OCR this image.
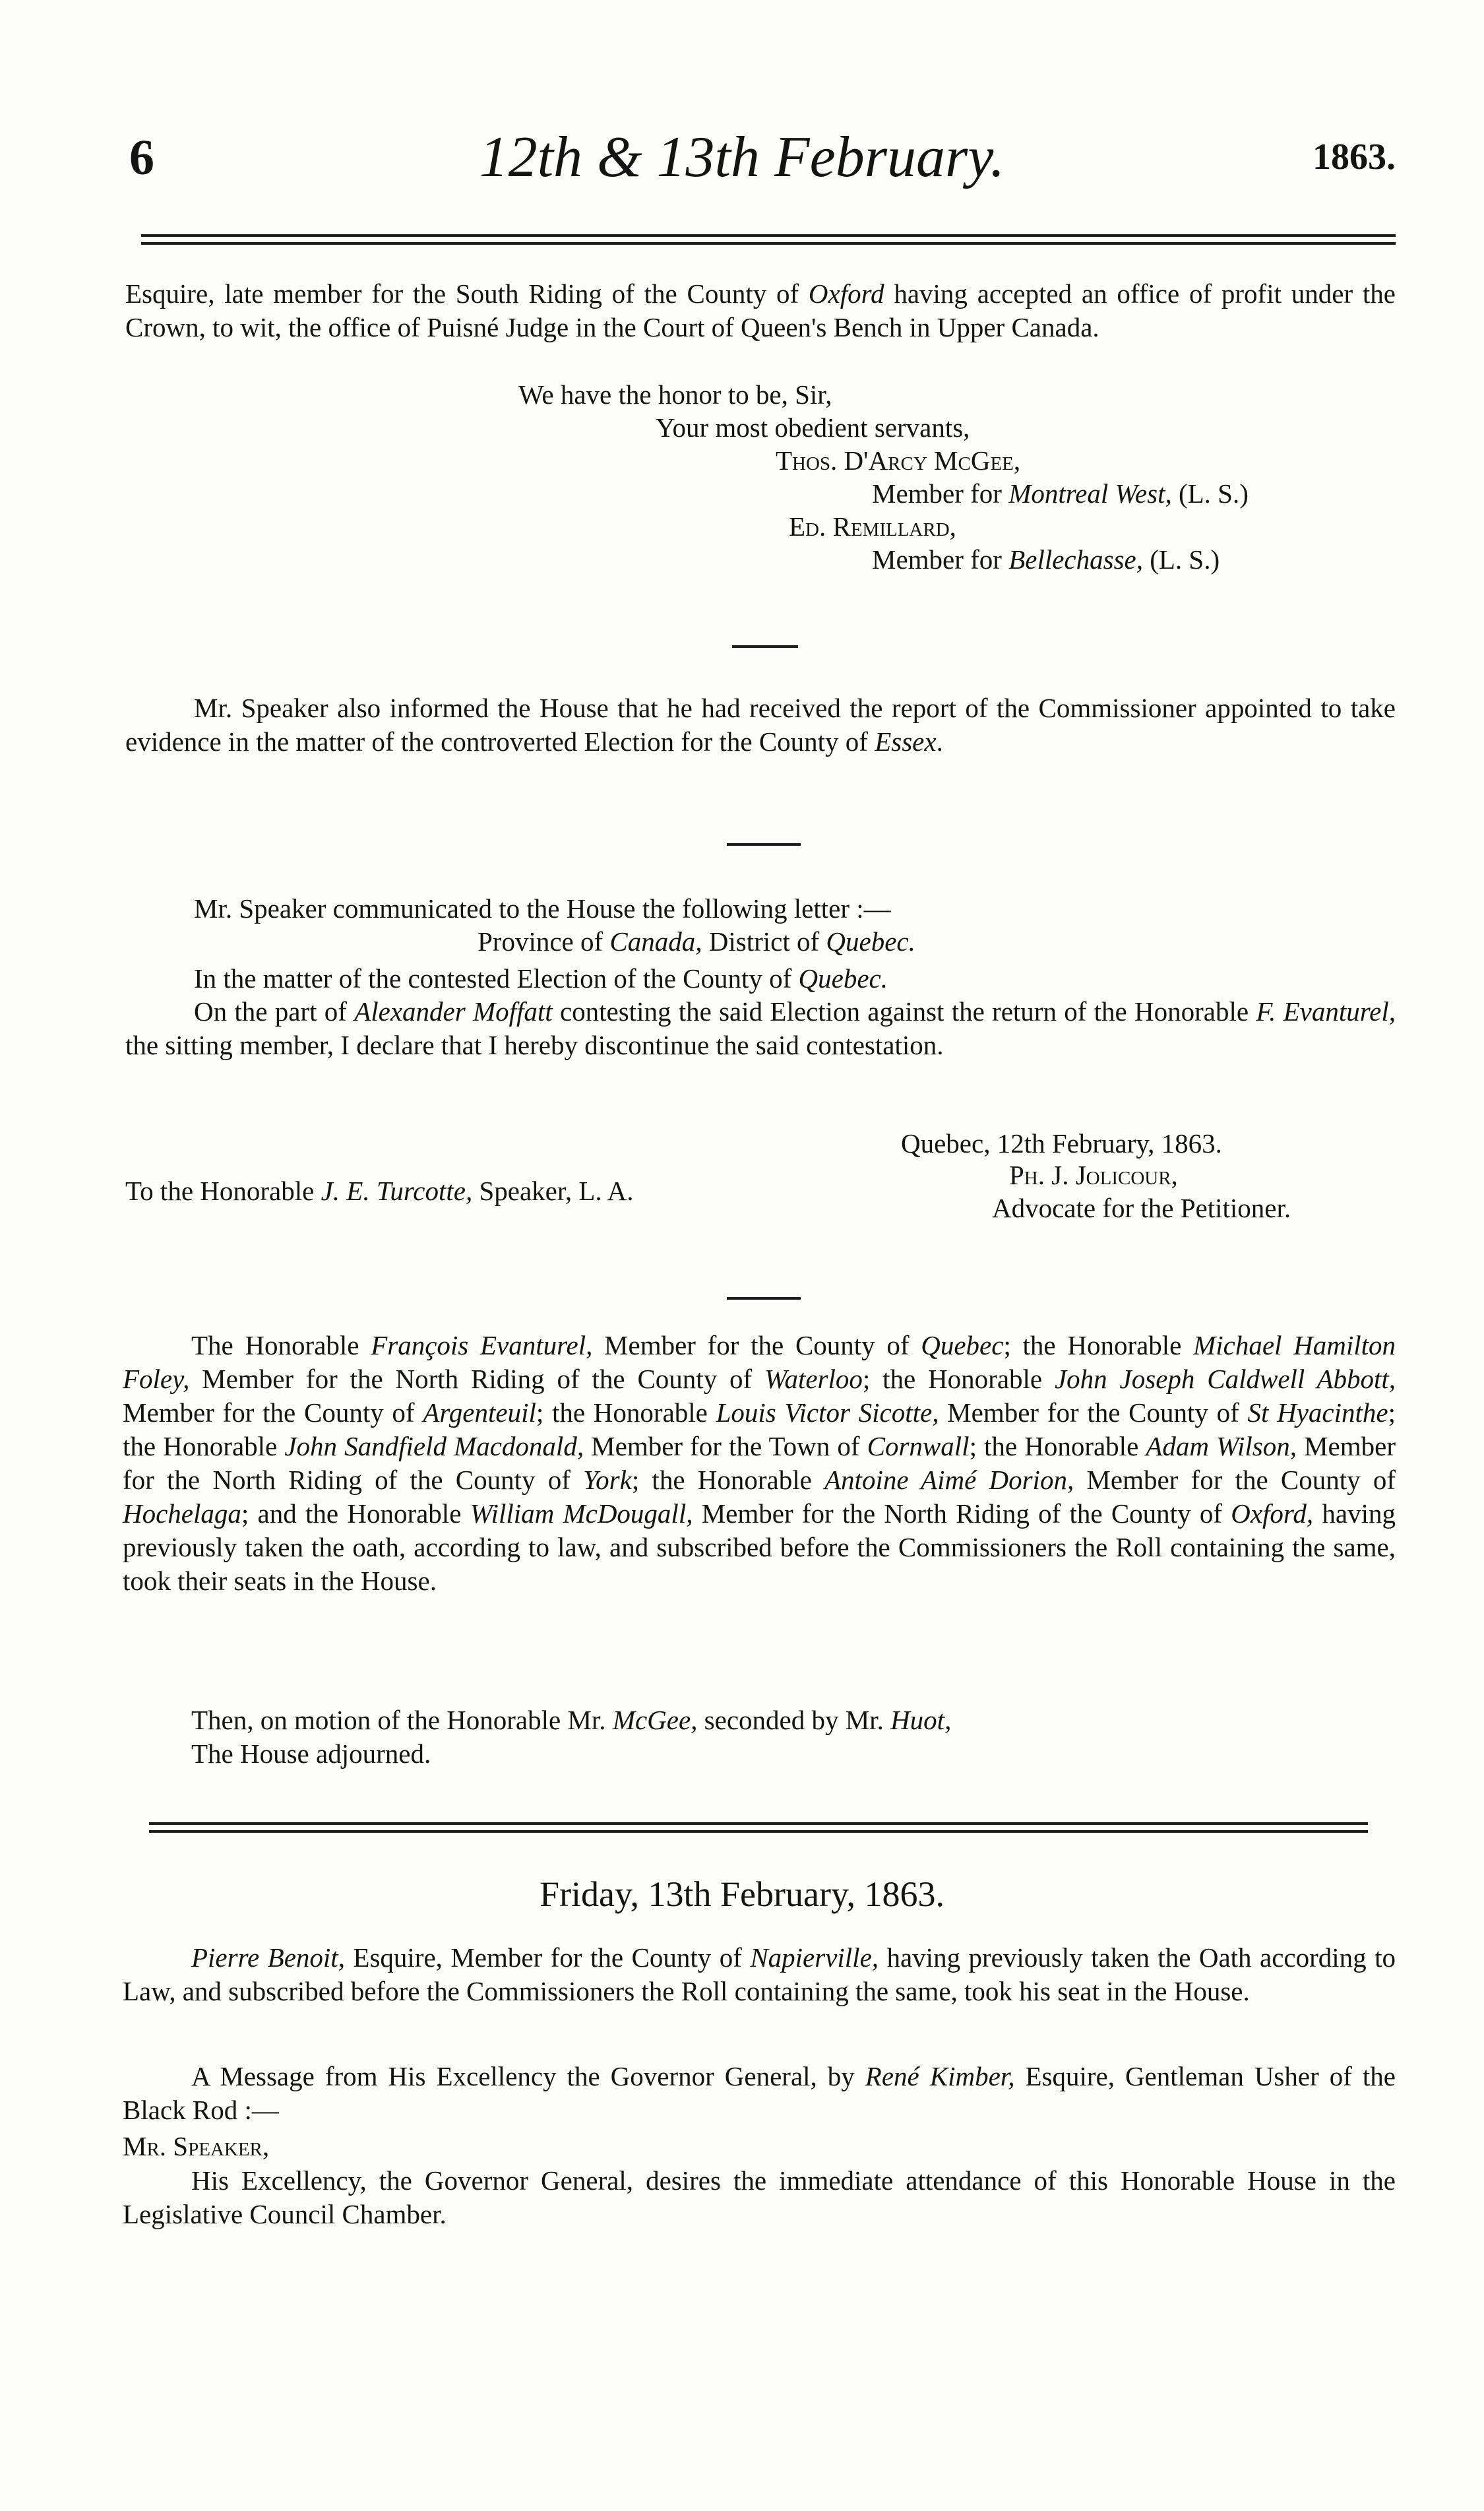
6	12th & 13th February.	1863.
Esquire, late member for the South Riding of the County of Oxford having accepted an office of profit under the Crown, to wit, the office of Puisné Judge in the Court of Queen's Bench in Upper Canada.
We have the honor to be, Sir,
Your most obedient servants,
Thos. D'Arcy McGee,
Member for Montreal West, (L. S.)
Ed. Remillard,
Member for Bellechasse, (L. S.)
Mr. Speaker also informed the House that he had received the report of the Commissioner appointed to take evidence in the matter of the controverted Election for the County of Essex.
Mr. Speaker communicated to the House the following letter :—
Province of Canada, District of Quebec.
In the matter of the contested Election of the County of Quebec.
On the part of Alexander Moffatt contesting the said Election against the return of the Honorable F. Evanturel, the sitting member, I declare that I hereby discontinue the said contestation.
Quebec, 12th February, 1863.
To the Honorable J. E. Turcotte, Speaker, L. A.
Ph. J. Jolicour,
Advocate for the Petitioner.
The Honorable François Evanturel, Member for the County of Quebec; the Honorable Michael Hamilton Foley, Member for the North Riding of the County of Waterloo; the Honorable John Joseph Caldwell Abbott, Member for the County of Argenteuil; the Honorable Louis Victor Sicotte, Member for the County of St Hyacinthe; the Honorable John Sandfield Macdonald, Member for the Town of Cornwall; the Honorable Adam Wilson, Member for the North Riding of the County of York; the Honorable Antoine Aimé Dorion, Member for the County of Hochelaga; and the Honorable William McDougall, Member for the North Riding of the County of Oxford, having previously taken the oath, according to law, and subscribed before the Commissioners the Roll containing the same, took their seats in the House.
Then, on motion of the Honorable Mr. McGee, seconded by Mr. Huot,
The House adjourned.
Friday, 13th February, 1863.
Pierre Benoit, Esquire, Member for the County of Napierville, having previously taken the Oath according to Law, and subscribed before the Commissioners the Roll containing the same, took his seat in the House.
A Message from His Excellency the Governor General, by René Kimber, Esquire, Gentleman Usher of the Black Rod :—
Mr. Speaker,
His Excellency, the Governor General, desires the immediate attendance of this Honorable House in the Legislative Council Chamber.
